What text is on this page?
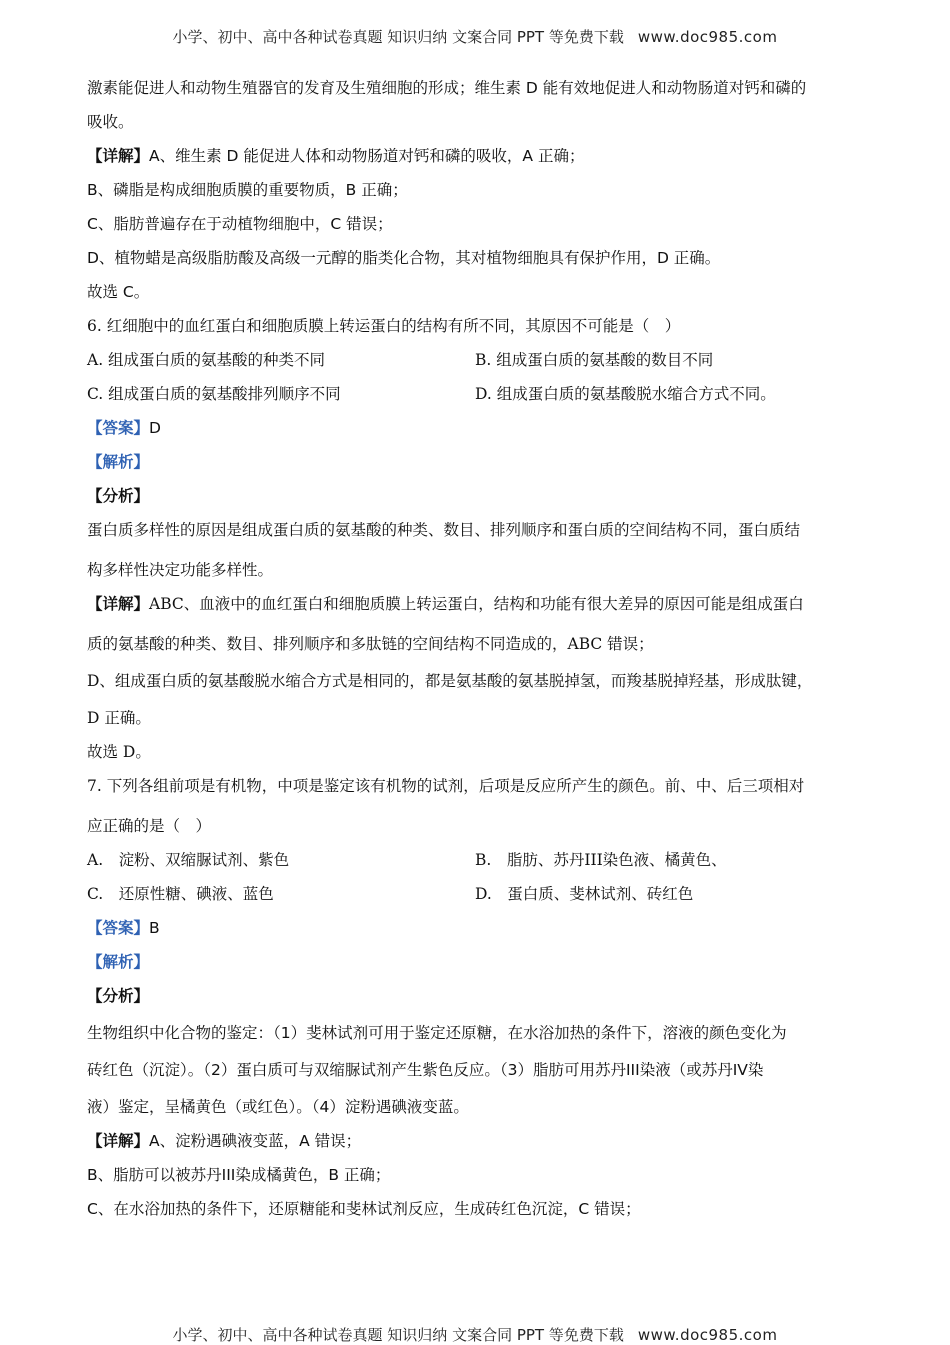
小学、初中、高中各种试卷真题 知识归纳 文案合同 PPT 等免费下载 www.doc985.com
激素能促进人和动物生殖器官的发育及生殖细胞的形成；维生素 D 能有效地促进人和动物肠道对钙和磷的
吸收。
【详解】A、维生素 D 能促进人体和动物肠道对钙和磷的吸收，A 正确；
B、磷脂是构成细胞质膜的重要物质，B 正确；
C、脂肪普遍存在于动植物细胞中，C 错误；
D、植物蜡是高级脂肪酸及高级一元醇的脂类化合物，其对植物细胞具有保护作用，D 正确。
故选 C。
6. 红细胞中的血红蛋白和细胞质膜上转运蛋白的结构有所不同，其原因不可能是（　）
A. 组成蛋白质的氨基酸的种类不同	B. 组成蛋白质的氨基酸的数目不同
C. 组成蛋白质的氨基酸排列顺序不同	D. 组成蛋白质的氨基酸脱水缩合方式不同。
【答案】D
【解析】
【分析】
蛋白质多样性的原因是组成蛋白质的氨基酸的种类、数目、排列顺序和蛋白质的空间结构不同，蛋白质结
构多样性决定功能多样性。
【详解】ABC、血液中的血红蛋白和细胞质膜上转运蛋白，结构和功能有很大差异的原因可能是组成蛋白
质的氨基酸的种类、数目、排列顺序和多肽链的空间结构不同造成的，ABC 错误；
D、组成蛋白质的氨基酸脱水缩合方式是相同的，都是氨基酸的氨基脱掉氢，而羧基脱掉羟基，形成肽键，
D 正确。
故选 D。
7. 下列各组前项是有机物，中项是鉴定该有机物的试剂，后项是反应所产生的颜色。前、中、后三项相对
应正确的是（　）
A.　淀粉、双缩脲试剂、紫色	B.　脂肪、苏丹III染色液、橘黄色、
C.　还原性糖、碘液、蓝色	D.　蛋白质、斐林试剂、砖红色
【答案】B
【解析】
【分析】
生物组织中化合物的鉴定：（1）斐林试剂可用于鉴定还原糖，在水浴加热的条件下，溶液的颜色变化为
砖红色（沉淀）。（2）蛋白质可与双缩脲试剂产生紫色反应。（3）脂肪可用苏丹III染液（或苏丹IV染
液）鉴定，呈橘黄色（或红色）。（4）淀粉遇碘液变蓝。
【详解】A、淀粉遇碘液变蓝，A 错误；
B、脂肪可以被苏丹III染成橘黄色，B 正确；
C、在水浴加热的条件下，还原糖能和斐林试剂反应，生成砖红色沉淀，C 错误；
小学、初中、高中各种试卷真题 知识归纳 文案合同 PPT 等免费下载 www.doc985.com
